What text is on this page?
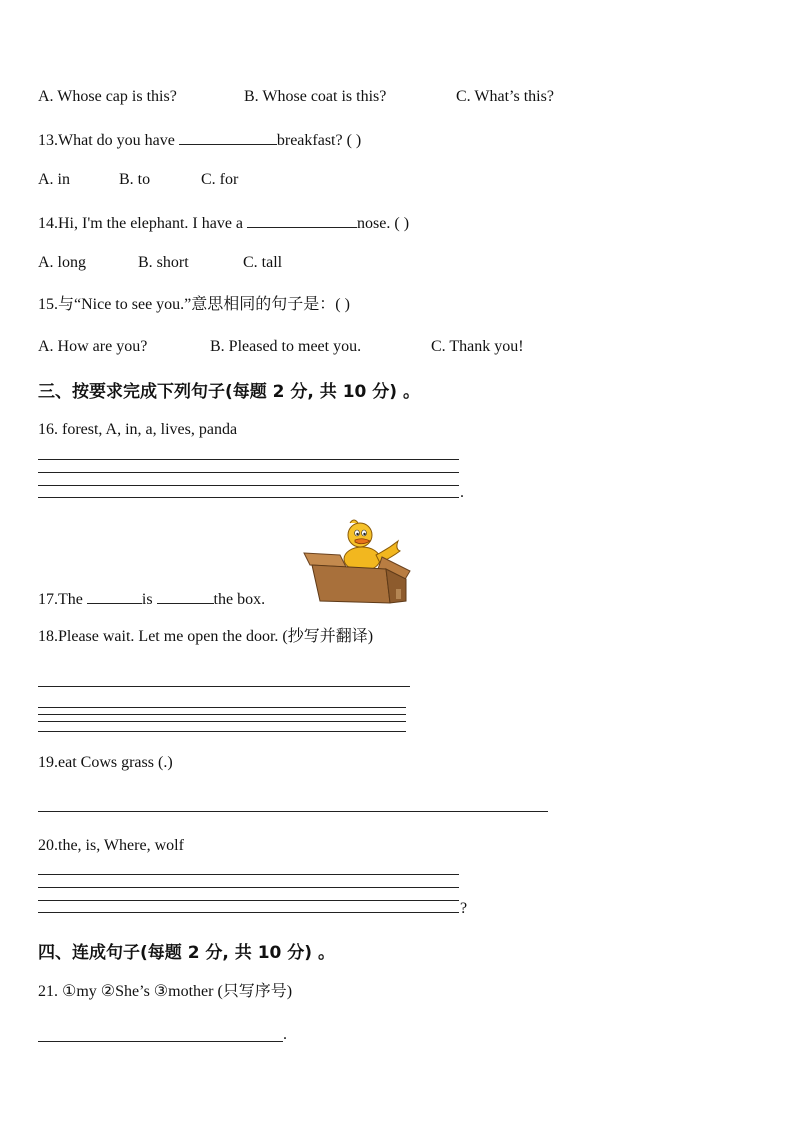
A. Whose cap is this?	B. Whose coat is this?	C. What’s this?
13.What do you have	breakfast? ( )
A. in	B. to	C. for
14.Hi, I'm the elephant. I have a	nose. ( )
A. long	B. short	C. tall
15.与“Nice to see you.”意思相同的句子是：( )
A. How are you?	B. Pleased to meet you.	C. Thank you!
三、按要求完成下列句子(每题 2 分, 共 10 分) 。
16. forest, A, in, a, lives, panda
.
17.The	is	the box.
18.Please wait. Let me open the door. (抄写并翻译)
19.eat Cows grass (.)
20.the, is, Where, wolf
?
四、连成句子(每题 2 分, 共 10 分) 。
21. ①my ②She’s ③mother (只写序号)
.
